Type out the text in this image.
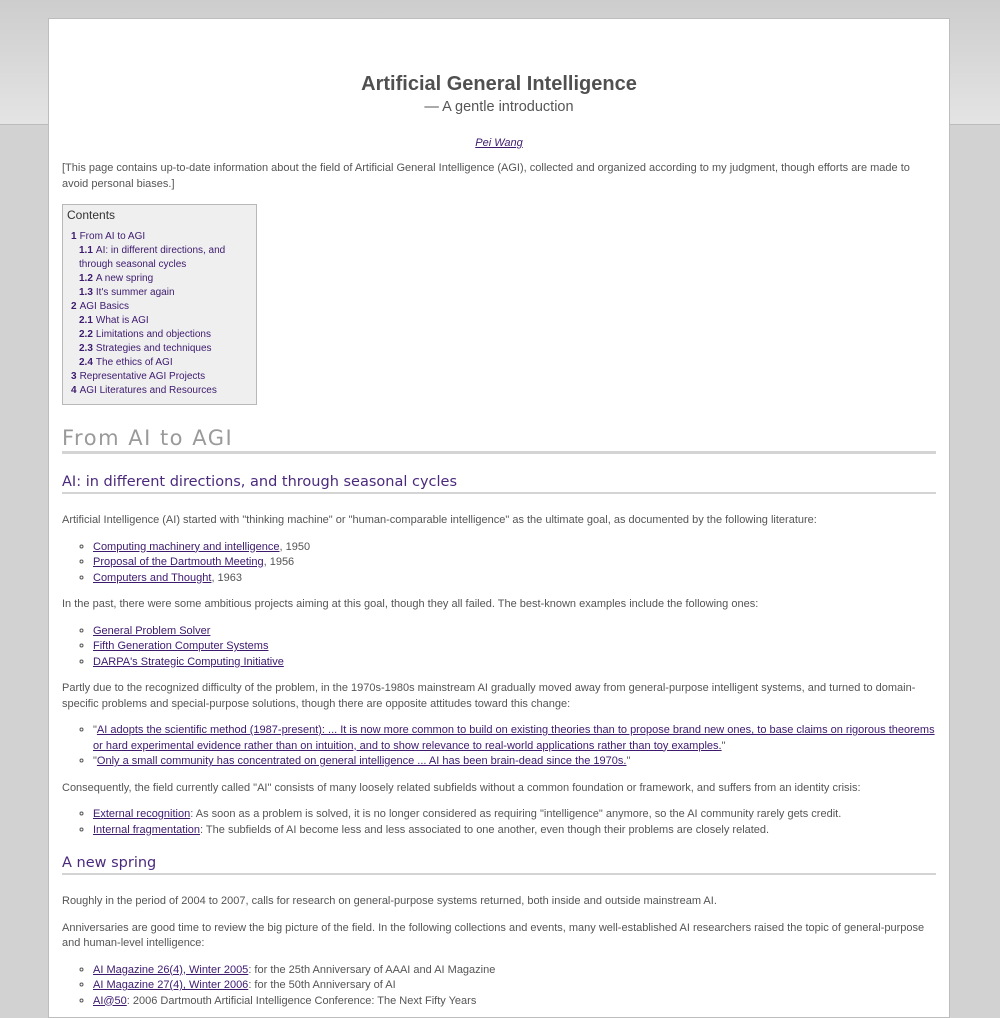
Artificial General Intelligence
— A gentle introduction
Pei Wang
[This page contains up-to-date information about the field of Artificial General Intelligence (AGI), collected and organized according to my judgment, though efforts are made to avoid personal biases.]
Contents
1 From AI to AGI
1.1 AI: in different directions, and through seasonal cycles
1.2 A new spring
1.3 It's summer again
2 AGI Basics
2.1 What is AGI
2.2 Limitations and objections
2.3 Strategies and techniques
2.4 The ethics of AGI
3 Representative AGI Projects
4 AGI Literatures and Resources
From AI to AGI
AI: in different directions, and through seasonal cycles

Artificial Intelligence (AI) started with "thinking machine" or "human-comparable intelligence" as the ultimate goal, as documented by the following literature:

◦ Computing machinery and intelligence, 1950
◦ Proposal of the Dartmouth Meeting, 1956
◦ Computers and Thought, 1963

In the past, there were some ambitious projects aiming at this goal, though they all failed. The best-known examples include the following ones:

◦ General Problem Solver
◦ Fifth Generation Computer Systems
◦ DARPA's Strategic Computing Initiative

Partly due to the recognized difficulty of the problem, in the 1970s-1980s mainstream AI gradually moved away from general-purpose intelligent systems, and turned to domain-specific problems and special-purpose solutions, though there are opposite attitudes toward this change:

◦ "AI adopts the scientific method (1987-present): ... It is now more common to build on existing theories than to propose brand new ones, to base claims on rigorous theorems or hard experimental evidence rather than on intuition, and to show relevance to real-world applications rather than toy examples."
◦ "Only a small community has concentrated on general intelligence ... AI has been brain-dead since the 1970s."

Consequently, the field currently called "AI" consists of many loosely related subfields without a common foundation or framework, and suffers from an identity crisis:

◦ External recognition: As soon as a problem is solved, it is no longer considered as requiring "intelligence" anymore, so the AI community rarely gets credit.
◦ Internal fragmentation: The subfields of AI become less and less associated to one another, even though their problems are closely related.
A new spring

Roughly in the period of 2004 to 2007, calls for research on general-purpose systems returned, both inside and outside mainstream AI.

Anniversaries are good time to review the big picture of the field. In the following collections and events, many well-established AI researchers raised the topic of general-purpose and human-level intelligence:

◦ AI Magazine 26(4), Winter 2005: for the 25th Anniversary of AAAI and AI Magazine
◦ AI Magazine 27(4), Winter 2006: for the 50th Anniversary of AI
◦ AI@50: 2006 Dartmouth Artificial Intelligence Conference: The Next Fifty Years
